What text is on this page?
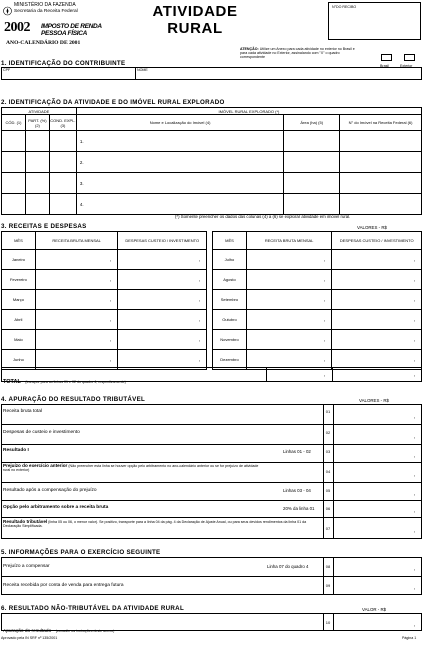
MINISTÉRIO DA FAZENDA
Secretaria da Receita Federal
2002 IMPOSTO DE RENDA
PESSOA FÍSICA
ANO-CALENDÁRIO DE 2001
ATIVIDADE
RURAL
N°DO RECIBO
ATENÇÃO: Utilize um Anexo para cada atividade no exterior no Brasil e para cada atividade no Exterior, assinalando com "X" o quadro correspondente
Brasil	Exterior
1. IDENTIFICAÇÃO DO CONTRIBUINTE
CPF	NOME
2. IDENTIFICAÇÃO DA ATIVIDADE E DO IMÓVEL RURAL EXPLORADO
ATIVIDADE			IMÓVEL RURAL EXPLORADO (*)		
CÓD. (1)	PART. (%) (2)	COND. EXPL. (3)	Nome e Localização do Imóvel (4)	Área (ha) (5)	N° do Imóvel na Receita Federal (6)
			1.		
			2.		
			3.		
			4.		
(*) Somente preencher os dados das colunas (4) a (6) se explorar atividade em imóvel rural.
3. RECEITAS E DESPESAS	VALORES - R$
MÊS	RECEITA BRUTA MENSAL	DESPESAS CUSTEIO / INVESTIMENTO
Janeiro	,	,
Fevereiro	,	,
Março	,	,
Abril	,	,
Maio	,	,
Junho	,	,
MÊS	RECEITA BRUTA MENSAL	DESPESAS CUSTEIO / INVESTIMENTO
Julho	,	,
Agosto	,	,
Setembro	,	,
Outubro	,	,
Novembro	,	,
Dezembro	,	,
TOTAL (transpor para as linhas 01 e 02 do quadro 4, respectivamente)
,	,
4. APURAÇÃO DO RESULTADO TRIBUTÁVEL	VALORES - R$
Receita bruta total	01
,
Despesas de custeio e investimento	02
,
Resultado I	Linhas 01 - 02	03
,
Prejuízo do exercício anterior (Não preencher esta linha se houver opção pelo arbitramento no ano-calendário anterior ou se for prejuízo de atividade rural no exterior)	04
,
Resultado após a compensação do prejuízo	Linhas 03 - 04	05
,
Opção pelo arbitramento sobre a receita bruta	20% da linha 01	06	,
Resultado tributável (linha 05 ou 06, o menor valor). Se positivo, transporte para a linha 04 da pág. 4 da Declaração de Ajuste Anual, ou para seus devidos rendimentos da linha 01 da Declaração Simplificada.	07	,
5. INFORMAÇÕES PARA O EXERCÍCIO SEGUINTE
Prejuízo a compensar	Linha 07 do quadro 4	08	,
Receita recebida por conta de venda para entrega futura	09	,
6. RESULTADO NÃO-TRIBUTÁVEL DA ATIVIDADE RURAL	VALOR - R$
Apuração do resultado (consulte as instruções deste anexo)
10	,
Aprovado pela IN SRF nº 135/2001	Página 1
